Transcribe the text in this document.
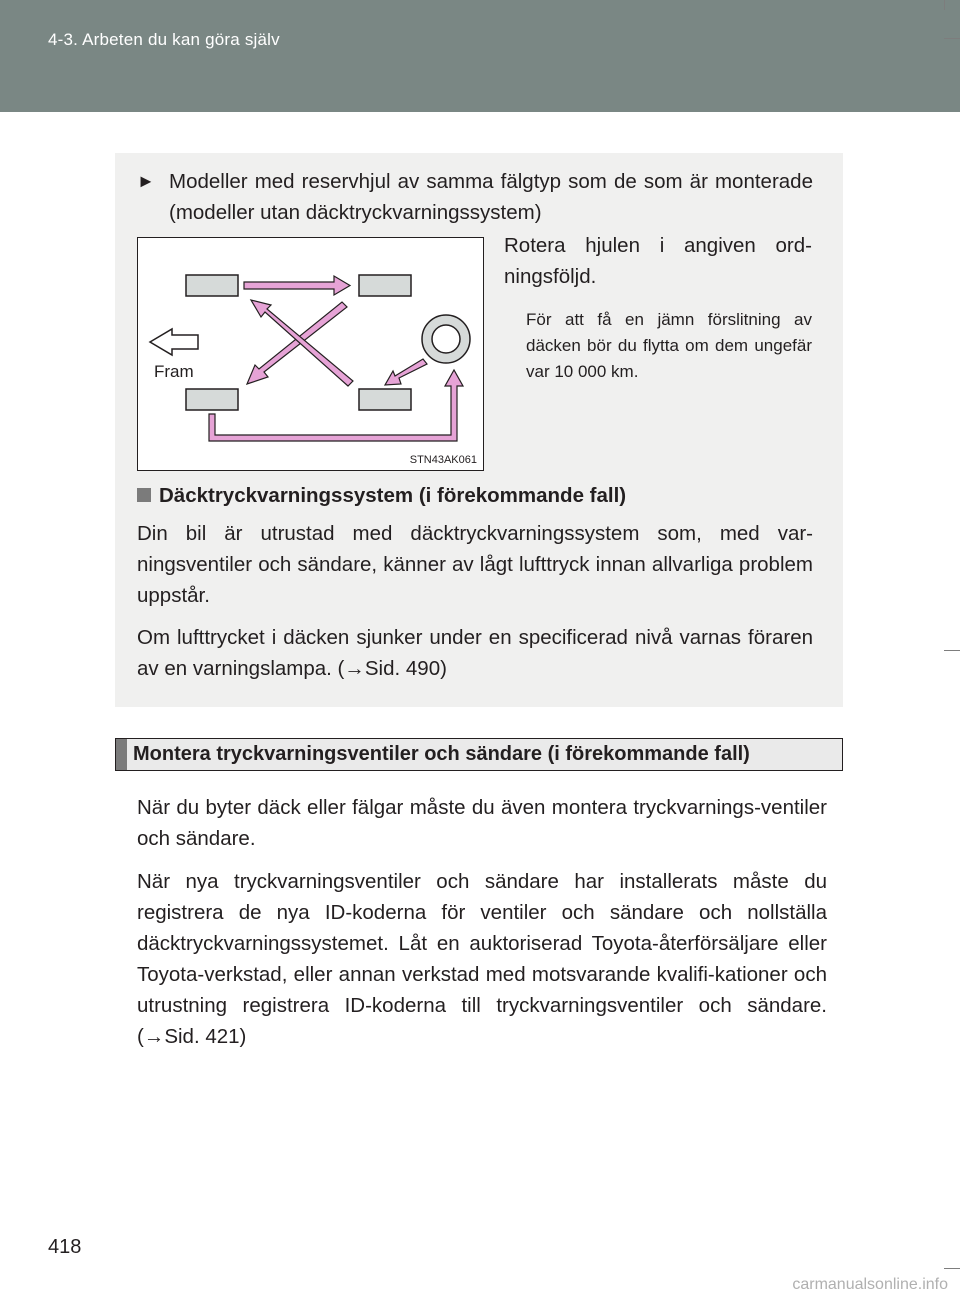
4-3. Arbeten du kan göra själv
► Modeller med reservhjul av samma fälgtyp som de som är monterade (modeller utan däcktryckvarningssystem)
Fram
STN43AK061
Rotera hjulen i angiven ord-ningsföljd.
För att få en jämn förslitning av däcken bör du flytta om dem ungefär var 10 000 km.
Däcktryckvarningssystem (i förekommande fall)
Din bil är utrustad med däcktryckvarningssystem som, med var-ningsventiler och sändare, känner av lågt lufttryck innan allvarliga problem uppstår.
Om lufttrycket i däcken sjunker under en specificerad nivå varnas föraren av en varningslampa. (→Sid. 490)
Montera tryckvarningsventiler och sändare (i förekommande fall)
När du byter däck eller fälgar måste du även montera tryckvarnings-ventiler och sändare.
När nya tryckvarningsventiler och sändare har installerats måste du registrera de nya ID-koderna för ventiler och sändare och nollställa däcktryckvarningssystemet. Låt en auktoriserad Toyota-återförsäljare eller Toyota-verkstad, eller annan verkstad med motsvarande kvalifi-kationer och utrustning registrera ID-koderna till tryckvarningsventiler och sändare. (→Sid. 421)
418
carmanualsonline.info
